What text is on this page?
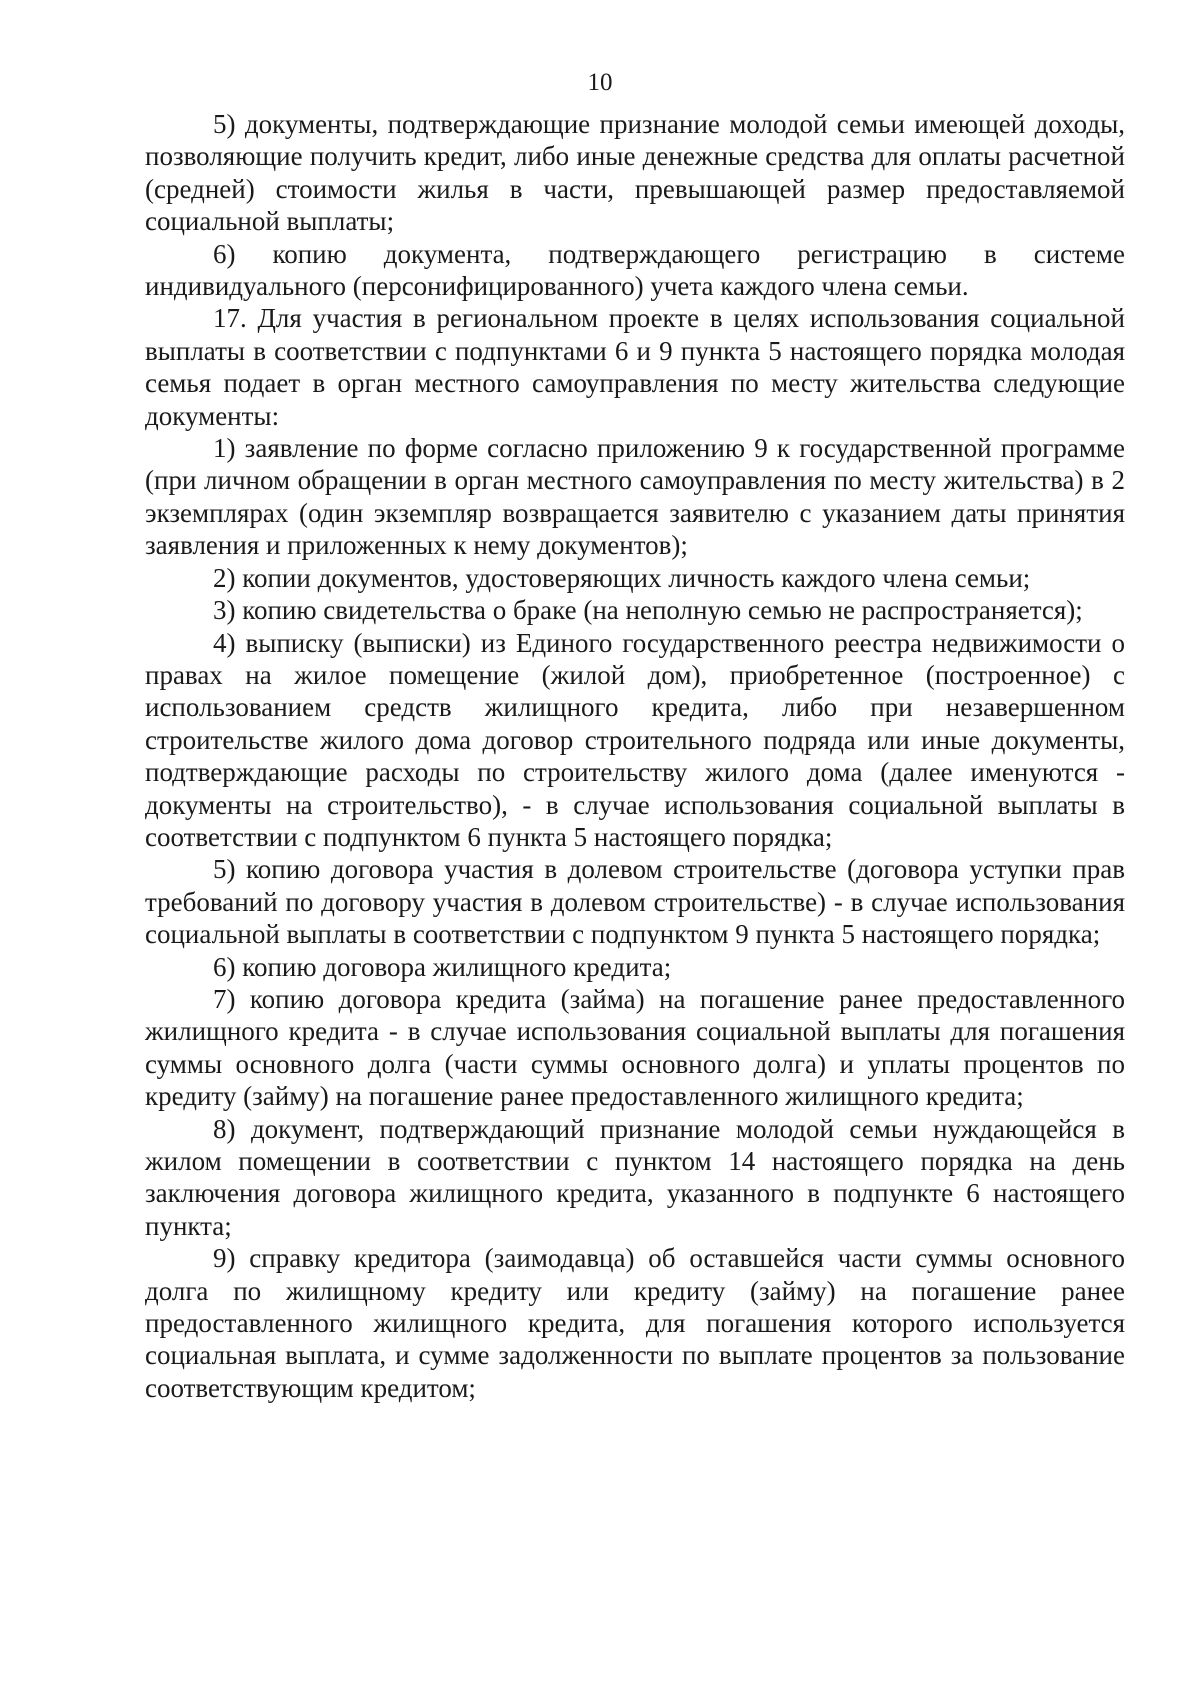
10

5) документы, подтверждающие признание молодой семьи имеющей доходы, позволяющие получить кредит, либо иные денежные средства для оплаты расчетной (средней) стоимости жилья в части, превышающей размер предоставляемой социальной выплаты;

6) копию документа, подтверждающего регистрацию в системе индивидуального (персонифицированного) учета каждого члена семьи.

17. Для участия в региональном проекте в целях использования социальной выплаты в соответствии с подпунктами 6 и 9 пункта 5 настоящего порядка молодая семья подает в орган местного самоуправления по месту жительства следующие документы:

1) заявление по форме согласно приложению 9 к государственной программе (при личном обращении в орган местного самоуправления по месту жительства) в 2 экземплярах (один экземпляр возвращается заявителю с указанием даты принятия заявления и приложенных к нему документов);

2) копии документов, удостоверяющих личность каждого члена семьи;

3) копию свидетельства о браке (на неполную семью не распространяется);

4) выписку (выписки) из Единого государственного реестра недвижимости о правах на жилое помещение (жилой дом), приобретенное (построенное) с использованием средств жилищного кредита, либо при незавершенном строительстве жилого дома договор строительного подряда или иные документы, подтверждающие расходы по строительству жилого дома (далее именуются - документы на строительство), - в случае использования социальной выплаты в соответствии с подпунктом 6 пункта 5 настоящего порядка;

5) копию договора участия в долевом строительстве (договора уступки прав требований по договору участия в долевом строительстве) - в случае использования социальной выплаты в соответствии с подпунктом 9 пункта 5 настоящего порядка;

6) копию договора жилищного кредита;

7) копию договора кредита (займа) на погашение ранее предоставленного жилищного кредита - в случае использования социальной выплаты для погашения суммы основного долга (части суммы основного долга) и уплаты процентов по кредиту (займу) на погашение ранее предоставленного жилищного кредита;

8) документ, подтверждающий признание молодой семьи нуждающейся в жилом помещении в соответствии с пунктом 14 настоящего порядка на день заключения договора жилищного кредита, указанного в подпункте 6 настоящего пункта;

9) справку кредитора (заимодавца) об оставшейся части суммы основного долга по жилищному кредиту или кредиту (займу) на погашение ранее предоставленного жилищного кредита, для погашения которого используется социальная выплата, и сумме задолженности по выплате процентов за пользование соответствующим кредитом;
